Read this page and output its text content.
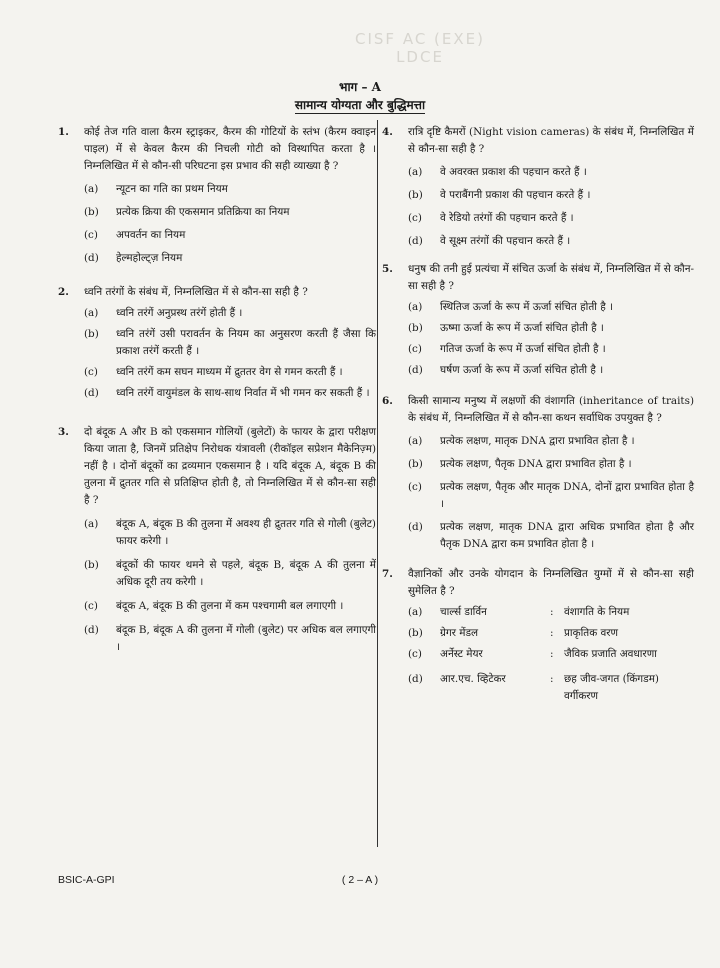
CISF AC (EXE) LDCE
भाग – A
सामान्य योग्यता और बुद्धिमत्ता
1. कोई तेज गति वाला कैरम स्ट्राइकर, कैरम की गोटियों के स्तंभ (कैरम क्वाइन पाइल) में से केवल कैरम की निचली गोटी को विस्थापित करता है । निम्नलिखित में से कौन-सी परिघटना इस प्रभाव की सही व्याख्या है ?
(a) न्यूटन का गति का प्रथम नियम
(b) प्रत्येक क्रिया की एकसमान प्रतिक्रिया का नियम
(c) अपवर्तन का नियम
(d) हेल्महोल्ट्ज़ नियम
2. ध्वनि तरंगों के संबंध में, निम्नलिखित में से कौन-सा सही है ?
(a) ध्वनि तरंगें अनुप्रस्थ तरंगें होती हैं ।
(b) ध्वनि तरंगें उसी परावर्तन के नियम का अनुसरण करती हैं जैसा कि प्रकाश तरंगें करती हैं ।
(c) ध्वनि तरंगें कम सघन माध्यम में द्रुततर वेग से गमन करती हैं ।
(d) ध्वनि तरंगें वायुमंडल के साथ-साथ निर्वात में भी गमन कर सकती हैं ।
3. दो बंदूक A और B को एकसमान गोलियों (बुलेटों) के फायर के द्वारा परीक्षण किया जाता है, जिनमें प्रतिक्षेप निरोधक यंत्रावली (रीकॉइल सप्रेशन मैकेनिज़्म) नहीं है । दोनों बंदूकों का द्रव्यमान एकसमान है । यदि बंदूक A, बंदूक B की तुलना में द्रुततर गति से प्रतिक्षिप्त होती है, तो निम्नलिखित में से कौन-सा सही है ?
(a) बंदूक A, बंदूक B की तुलना में अवश्य ही द्रुततर गति से गोली (बुलेट) फायर करेगी ।
(b) बंदूकों की फायर थमने से पहले, बंदूक B, बंदूक A की तुलना में अधिक दूरी तय करेगी ।
(c) बंदूक A, बंदूक B की तुलना में कम पश्चगामी बल लगाएगी ।
(d) बंदूक B, बंदूक A की तुलना में गोली (बुलेट) पर अधिक बल लगाएगी ।
4. रात्रि दृष्टि कैमरों (Night vision cameras) के संबंध में, निम्नलिखित में से कौन-सा सही है ?
(a) वे अवरक्त प्रकाश की पहचान करते हैं ।
(b) वे पराबैंगनी प्रकाश की पहचान करते हैं ।
(c) वे रेडियो तरंगों की पहचान करते हैं ।
(d) वे सूक्ष्म तरंगों की पहचान करते हैं ।
5. धनुष की तनी हुई प्रत्यंचा में संचित ऊर्जा के संबंध में, निम्नलिखित में से कौन-सा सही है ?
(a) स्थितिज ऊर्जा के रूप में ऊर्जा संचित होती है ।
(b) ऊष्मा ऊर्जा के रूप में ऊर्जा संचित होती है ।
(c) गतिज ऊर्जा के रूप में ऊर्जा संचित होती है ।
(d) घर्षण ऊर्जा के रूप में ऊर्जा संचित होती है ।
6. किसी सामान्य मनुष्य में लक्षणों की वंशागति (inheritance of traits) के संबंध में, निम्नलिखित में से कौन-सा कथन सर्वाधिक उपयुक्त है ?
(a) प्रत्येक लक्षण, मातृक DNA द्वारा प्रभावित होता है ।
(b) प्रत्येक लक्षण, पैतृक DNA द्वारा प्रभावित होता है ।
(c) प्रत्येक लक्षण, पैतृक और मातृक DNA, दोनों द्वारा प्रभावित होता है ।
(d) प्रत्येक लक्षण, मातृक DNA द्वारा अधिक प्रभावित होता है और पैतृक DNA द्वारा कम प्रभावित होता है ।
7. वैज्ञानिकों और उनके योगदान के निम्नलिखित युग्मों में से कौन-सा सही सुमेलित है ?
(a) चार्ल्स डार्विन	: वंशागति के नियम
(b) ग्रेगर मेंडल	: प्राकृतिक वरण
(c) अर्नेस्ट मेयर	: जैविक प्रजाति अवधारणा
(d) आर.एच. व्हिटेकर	: छह जीव-जगत (किंगडम) वर्गीकरण
BSIC-A-GPI	( 2 – A )
